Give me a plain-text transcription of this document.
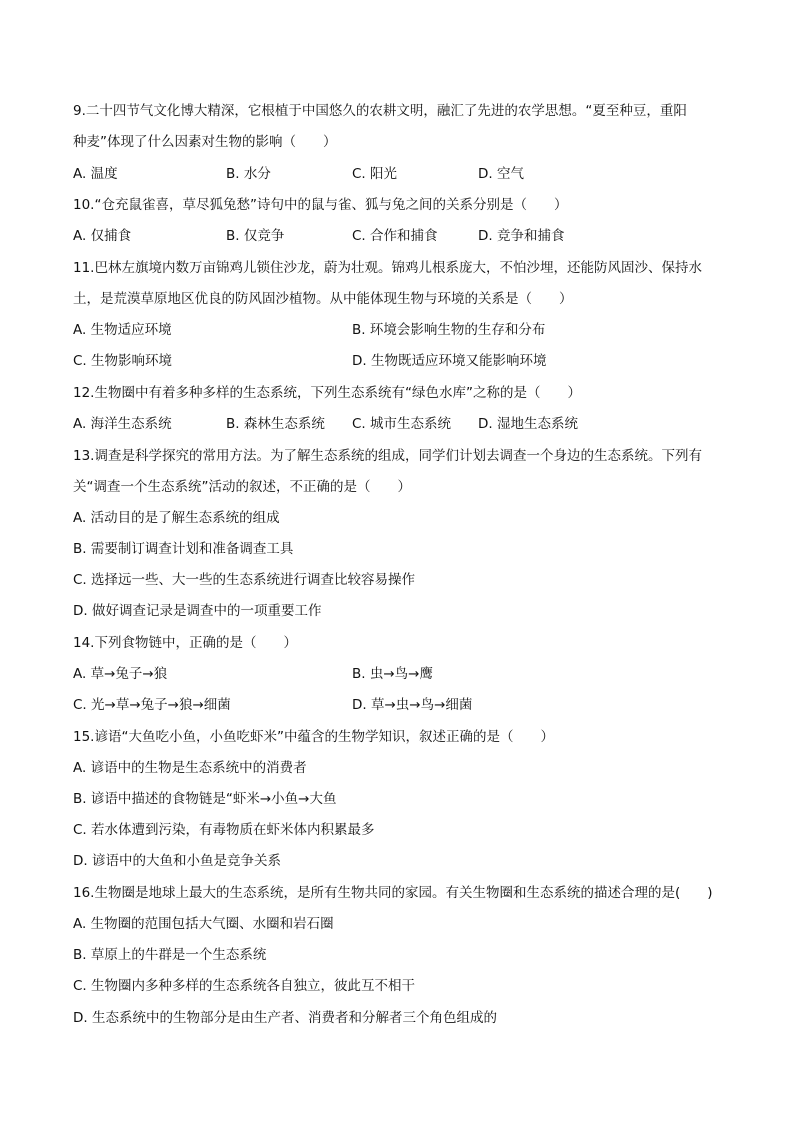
9.二十四节气文化博大精深，它根植于中国悠久的农耕文明，融汇了先进的农学思想。“夏至种豆，重阳
种麦”体现了什么因素对生物的影响（　　）
A. 温度	B. 水分	C. 阳光	D. 空气
10.“仓充鼠雀喜，草尽狐兔愁”诗句中的鼠与雀、狐与兔之间的关系分别是（　　）
A. 仅捕食	B. 仅竞争	C. 合作和捕食	D. 竞争和捕食
11.巴林左旗境内数万亩锦鸡儿锁住沙龙，蔚为壮观。锦鸡儿根系庞大，不怕沙埋，还能防风固沙、保持水
土，是荒漠草原地区优良的防风固沙植物。从中能体现生物与环境的关系是（　　）
A. 生物适应环境	B. 环境会影响生物的生存和分布
C. 生物影响环境	D. 生物既适应环境又能影响环境
12.生物圈中有着多种多样的生态系统，下列生态系统有“绿色水库”之称的是（　　）
A. 海洋生态系统	B. 森林生态系统 C. 城市生态系统 D. 湿地生态系统
13.调查是科学探究的常用方法。为了解生态系统的组成，同学们计划去调查一个身边的生态系统。下列有
关“调查一个生态系统”活动的叙述，不正确的是（　　）
A. 活动目的是了解生态系统的组成
B. 需要制订调查计划和准备调查工具
C. 选择远一些、大一些的生态系统进行调查比较容易操作
D. 做好调查记录是调查中的一项重要工作
14.下列食物链中，正确的是（　　）
A. 草→兔子→狼	B. 虫→鸟→鹰
C. 光→草→兔子→狼→细菌	D. 草→虫→鸟→细菌
15.谚语“大鱼吃小鱼，小鱼吃虾米”中蕴含的生物学知识，叙述正确的是（　　）
A. 谚语中的生物是生态系统中的消费者
B. 谚语中描述的食物链是“虾米→小鱼→大鱼
C. 若水体遭到污染，有毒物质在虾米体内积累最多
D. 谚语中的大鱼和小鱼是竞争关系
16.生物圈是地球上最大的生态系统，是所有生物共同的家园。有关生物圈和生态系统的描述合理的是(　　)
A. 生物圈的范围包括大气圈、水圈和岩石圈
B. 草原上的牛群是一个生态系统
C. 生物圈内多种多样的生态系统各自独立，彼此互不相干
D. 生态系统中的生物部分是由生产者、消费者和分解者三个角色组成的
